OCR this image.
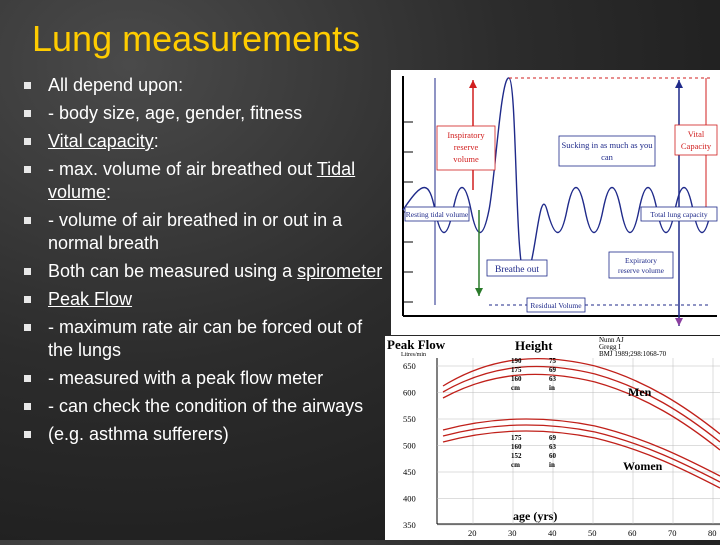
Lung measurements
All depend upon:
- body size, age, gender, fitness
Vital capacity:
- max. volume of air breathed out Tidal volume:
- volume of air breathed in or out in a normal breath
Both can be measured using a spirometer
Peak Flow
- maximum rate air can be forced out of the lungs
- measured with a peak flow meter
- can check the condition of the airways
(e.g. asthma sufferers)
Inspiratory
reserve
volume
Sucking in as much as you
can
Vital
Capacity
Resting tidal volume	Total lung capacity
Expiratory
reserve volume
Breathe out
Residual Volume
Peak Flow
Litres/min
Height	Nunn AJ
Gregg I
BMJ 1989;298:1068-70
650
600
550
500
450
400
350
20	30	40	50	60	70	80
190	75
175	69
160	63
cm	in
175	69
160	63
152	60
cm	in
Men
Women
age (yrs)
